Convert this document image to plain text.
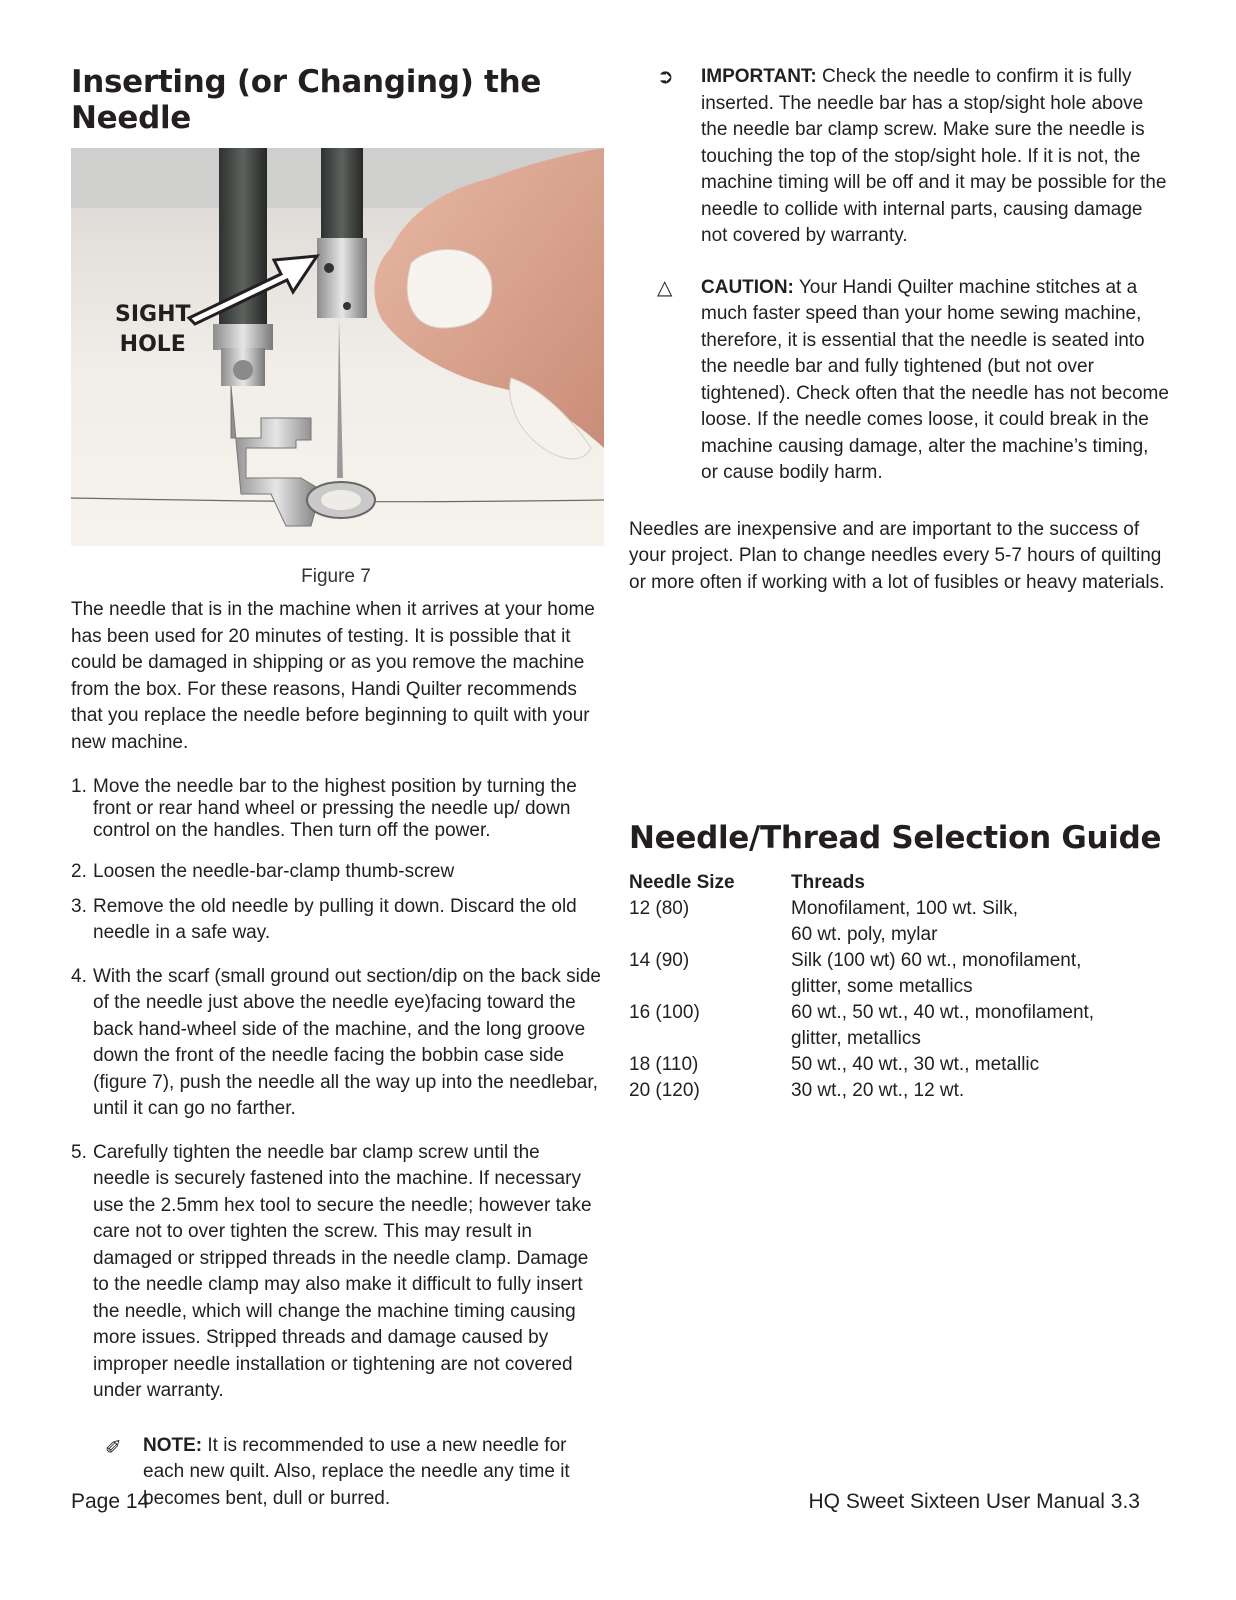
Inserting (or Changing) the Needle
SIGHT
HOLE
Figure 7

The needle that is in the machine when it arrives at your home has been used for 20 minutes of testing. It is possible that it could be damaged in shipping or as you remove the machine from the box. For these reasons, Handi Quilter recommends that you replace the needle before beginning to quilt with your new machine.

1. Move the needle bar to the highest position by turning the front or rear hand wheel or pressing the needle up/ down control on the handles. Then turn off the power.
2. Loosen the needle-bar-clamp thumb-screw
3. Remove the old needle by pulling it down. Discard the old needle in a safe way.
4. With the scarf (small ground out section/dip on the back side of the needle just above the needle eye)facing toward the back hand-wheel side of the machine, and the long groove down the front of the needle facing the bobbin case side (figure 7), push the needle all the way up into the needlebar, until it can go no farther.
5. Carefully tighten the needle bar clamp screw until the needle is securely fastened into the machine. If necessary use the 2.5mm hex tool to secure the needle; however take care not to over tighten the screw. This may result in damaged or stripped threads in the needle clamp. Damage to the needle clamp may also make it difficult to fully insert the needle, which will change the machine timing causing more issues. Stripped threads and damage caused by improper needle installation or tightening are not covered under warranty.
✐ NOTE: It is recommended to use a new needle for each new quilt. Also, replace the needle any time it becomes bent, dull or burred.
➲ IMPORTANT: Check the needle to confirm it is fully inserted. The needle bar has a stop/sight hole above the needle bar clamp screw. Make sure the needle is touching the top of the stop/sight hole. If it is not, the machine timing will be off and it may be possible for the needle to collide with internal parts, causing damage not covered by warranty.
△ CAUTION: Your Handi Quilter machine stitches at a much faster speed than your home sewing machine, therefore, it is essential that the needle is seated into the needle bar and fully tightened (but not over tightened). Check often that the needle has not become loose. If the needle comes loose, it could break in the machine causing damage, alter the machine’s timing, or cause bodily harm.

Needles are inexpensive and are important to the success of your project. Plan to change needles every 5-7 hours of quilting or more often if working with a lot of fusibles or heavy materials.

Needle/Thread Selection Guide
Needle Size	Threads
12 (80)	Monofilament, 100 wt. Silk,
60 wt. poly, mylar

14 (90)	Silk (100 wt) 60 wt., monofilament,
glitter, some metallics

16 (100)	60 wt., 50 wt., 40 wt., monofilament,
glitter, metallics

18 (110)	50 wt., 40 wt., 30 wt., metallic
20 (120)	30 wt., 20 wt., 12 wt.
Page 14	HQ Sweet Sixteen User Manual 3.3
